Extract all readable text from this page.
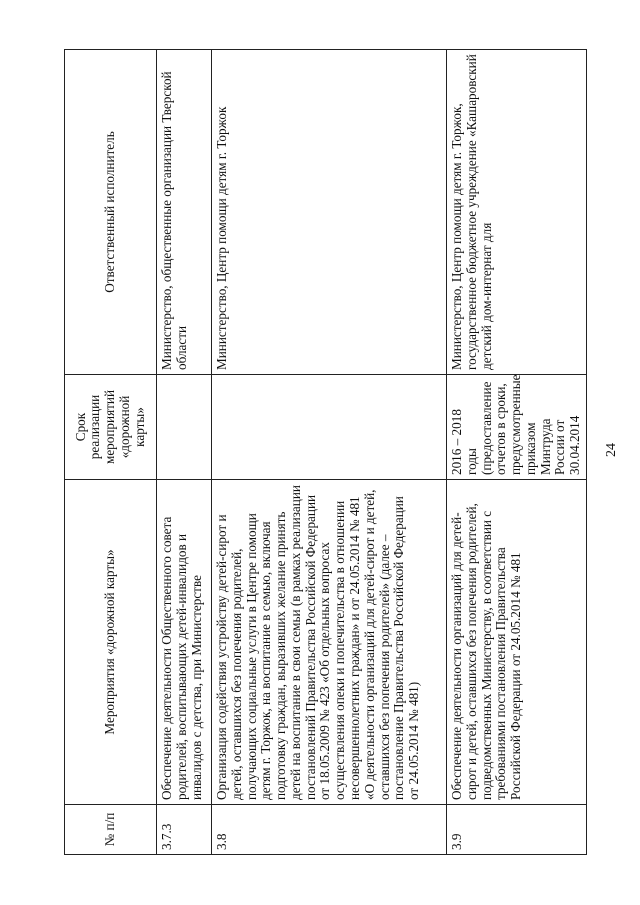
24
№ п/п	Мероприятия «дорожной карты»	Срок реализации мероприятий «дорожной карты»	Ответственный исполнитель
3.7.3	Обеспечение деятельности Общественного совета родителей, воспитывающих детей-инвалидов и инвалидов с детства, при Министерстве		Министерство, общественные организации Тверской области
3.8	Организация содействия устройству детей-сирот и детей, оставшихся без попечения родителей, получающих социальные услуги в Центре помощи детям г. Торжок, на воспитание в семью, включая подготовку граждан, выразивших желание принять детей на воспитание в свои семьи (в рамках реализации постановлений Правительства Российской Федерации от 18.05.2009 № 423 «Об отдельных вопросах осуществления опеки и попечительства в отношении несовершеннолетних граждан» и от 24.05.2014 № 481 «О деятельности организаций для детей-сирот и детей, оставшихся без попечения родителей» (далее – постановление Правительства Российской Федерации от 24.05.2014 № 481)		Министерство, Центр помощи детям г. Торжок
3.9	Обеспечение деятельности организаций для детей-сирот и детей, оставшихся без попечения родителей, подведомственных Министерству, в соответствии с требованиями постановления Правительства Российской Федерации от 24.05.2014 № 481	2016 – 2018 годы (предоставление отчетов в сроки, предусмотренные приказом Минтруда России от 30.04.2014	Министерство, Центр помощи детям г. Торжок, государственное бюджетное учреждение «Кашаровский детский дом-интернат для
